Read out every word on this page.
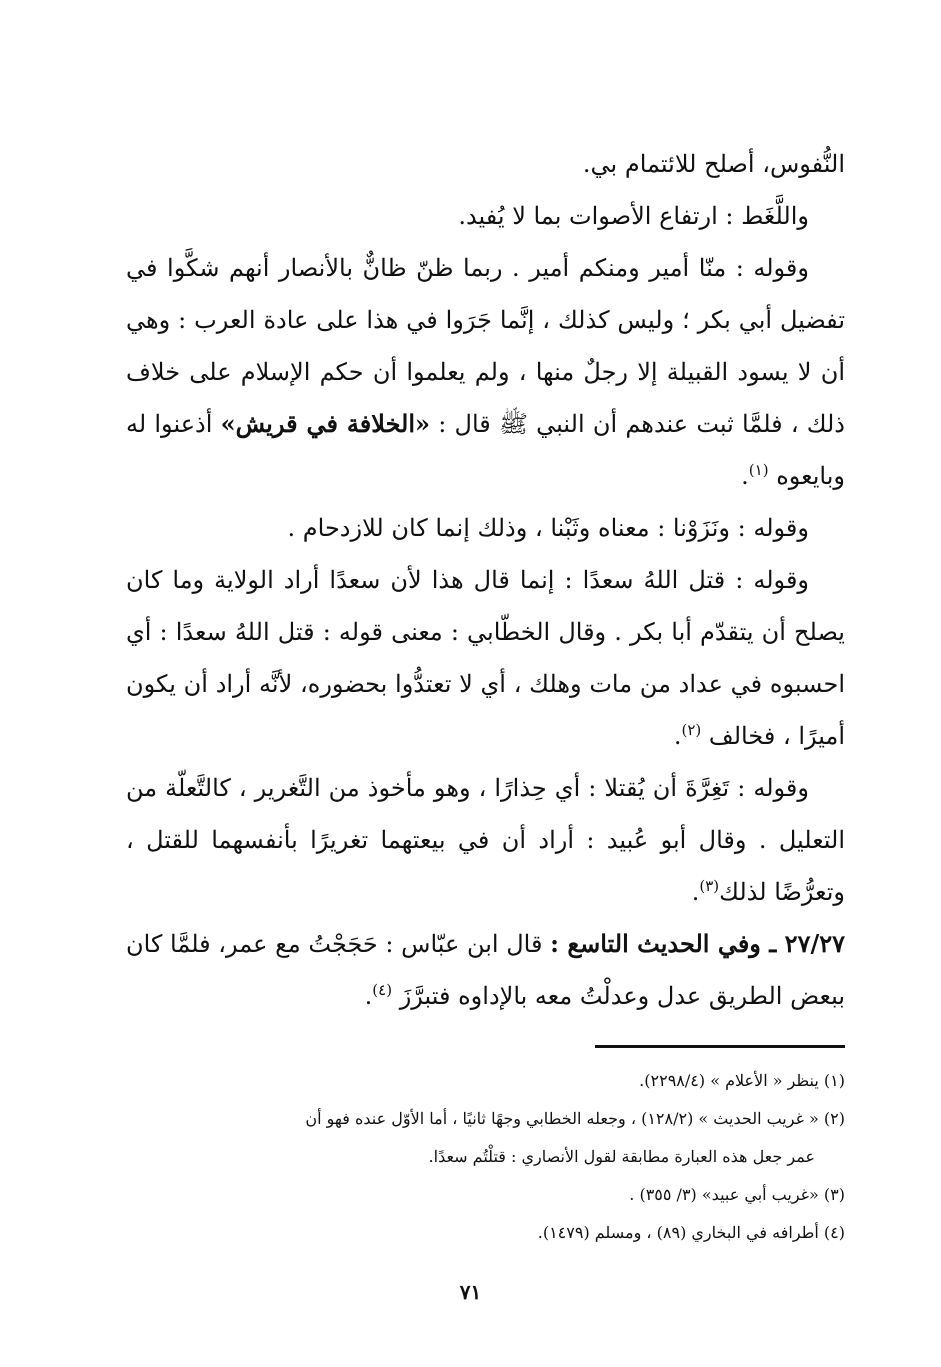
النُّفوس، أصلح للائتمام بي.

واللَّغَط : ارتفاع الأصوات بما لا يُفيد.

وقوله : منّا أمير ومنكم أمير . ربما ظنّ ظانٌّ بالأنصار أنهم شكَّوا في تفضيل أبي بكر ؛ وليس كذلك ، إنَّما جَرَوا في هذا على عادة العرب : وهي أن لا يسود القبيلة إلا رجلٌ منها ، ولم يعلموا أن حكم الإسلام على خلاف ذلك ، فلمَّا ثبت عندهم أن النبي ﷺ قال : «الخلافة في قريش» أذعنوا له وبايعوه $^{(١)}$.

وقوله : ونَزَوْنا : معناه وثَبْنا ، وذلك إنما كان للازدحام .

وقوله : قتل اللهُ سعدًا : إنما قال هذا لأن سعدًا أراد الولاية وما كان يصلح أن يتقدّم أبا بكر . وقال الخطّابي : معنى قوله : قتل اللهُ سعدًا : أي احسبوه في عداد من مات وهلك ، أي لا تعتدُّوا بحضوره، لأنَّه أراد أن يكون أميرًا ، فخالف $^{(٢)}$.

وقوله : تَغِرَّةَ أن يُقتلا : أي حِذارًا ، وهو مأخوذ من التَّغرير ، كالتَّعلّة من التعليل . وقال أبو عُبيد : أراد أن في بيعتهما تغريرًا بأنفسهما للقتل ، وتعرُّضًا لذلك$^{(٣)}$.

٢٧/٢٧ ـ وفي الحديث التاسع : قال ابن عبّاس : حَجَجْتُ مع عمر، فلمَّا كان ببعض الطريق عدل وعدلْتُ معه بالإداوه فتبرَّزَ $^{(٤)}$.

(١) ينظر « الأعلام » (٢٢٩٨/٤).

(٢) « غريب الحديث » (١٢٨/٢) ، وجعله الخطابي وجهًا ثانيًا ، أما الأوّل عنده فهو أن

عمر جعل هذه العبارة مطابقة لقول الأنصاري : قتلْتُم سعدًا.

(٣) «غريب أبي عبيد» (٣/ ٣٥٥) .

(٤) أطرافه في البخاري (٨٩) ، ومسلم (١٤٧٩).

٧١
